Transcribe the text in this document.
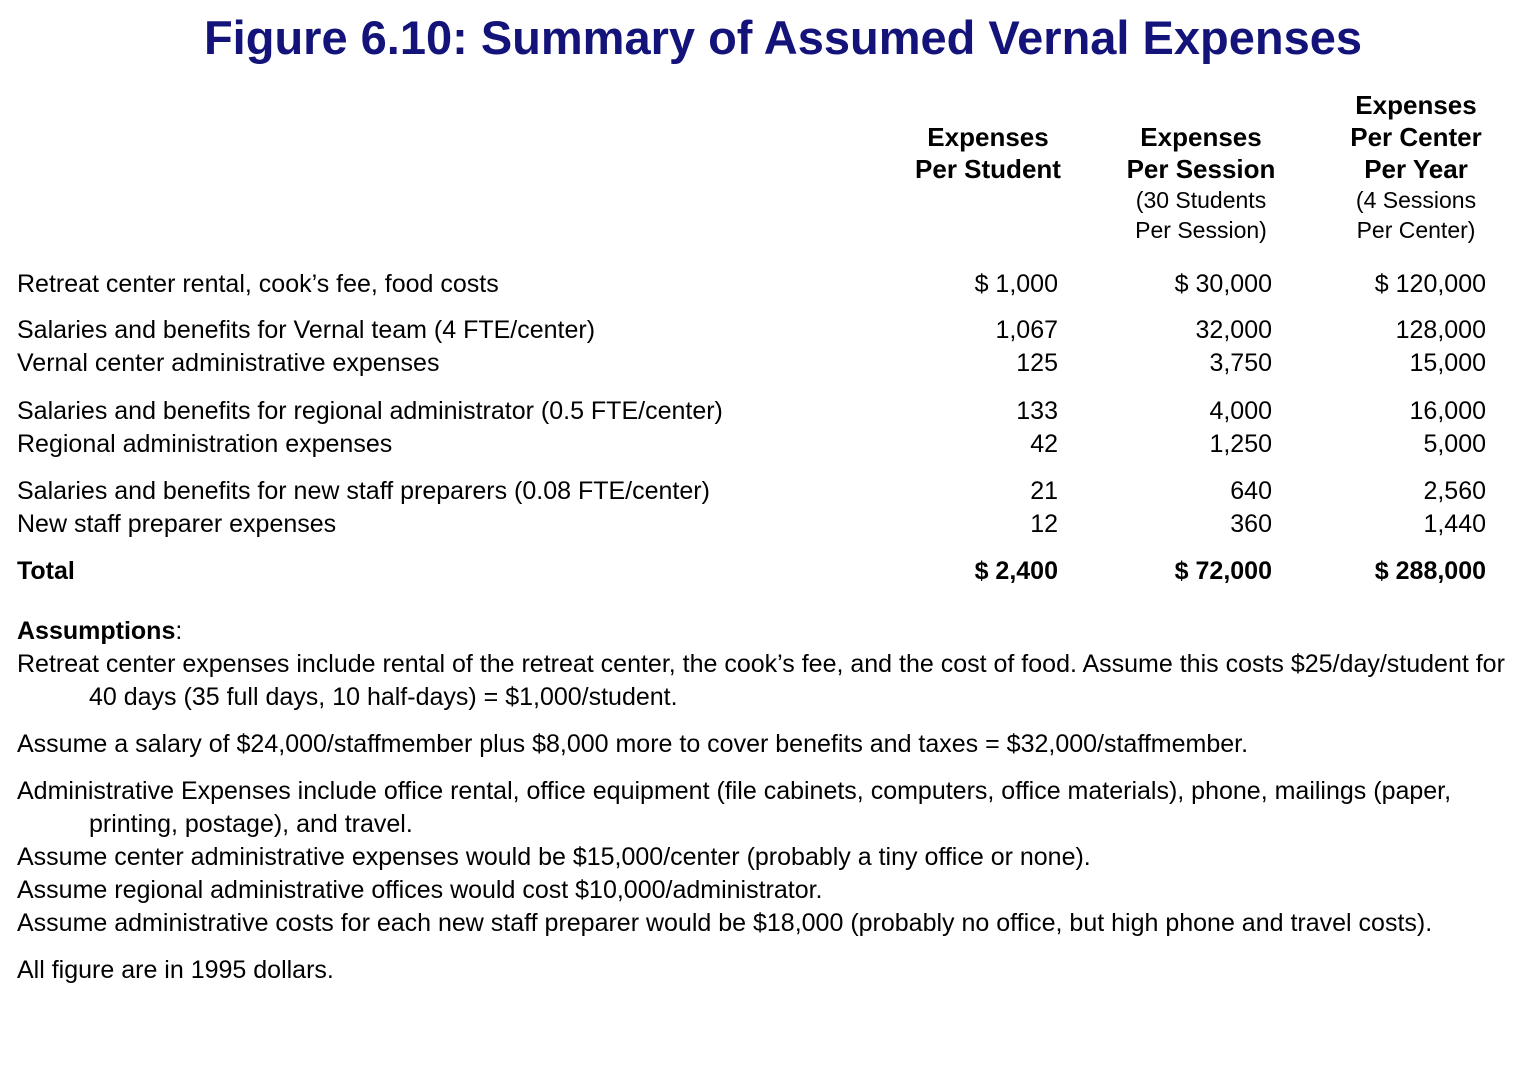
Figure 6.10: Summary of Assumed Vernal Expenses
Expenses
Per Student
Expenses
Per Session
(30 Students
Per Session)
Expenses
Per Center
Per Year
(4 Sessions
Per Center)
Retreat center rental, cook’s fee, food costs	$ 1,000	$ 30,000	$ 120,000
Salaries and benefits for Vernal team (4 FTE/center)	1,067	32,000	128,000
Vernal center administrative expenses	125	3,750	15,000
Salaries and benefits for regional administrator (0.5 FTE/center)	133	4,000	16,000
Regional administration expenses	42	1,250	5,000
Salaries and benefits for new staff preparers (0.08 FTE/center)	21	640	2,560
New staff preparer expenses	12	360	1,440
Total	$ 2,400	$ 72,000	$ 288,000

Assumptions:

Retreat center expenses include rental of the retreat center, the cook’s fee, and the cost of food. Assume this costs $25/day/student for
40 days (35 full days, 10 half-days) = $1,000/student.

Assume a salary of $24,000/staffmember plus $8,000 more to cover benefits and taxes = $32,000/staffmember.

Administrative Expenses include office rental, office equipment (file cabinets, computers, office materials), phone, mailings (paper, printing, postage), and travel.

Assume center administrative expenses would be $15,000/center (probably a tiny office or none).

Assume regional administrative offices would cost $10,000/administrator.

Assume administrative costs for each new staff preparer would be $18,000 (probably no office, but high phone and travel costs).

All figure are in 1995 dollars.
